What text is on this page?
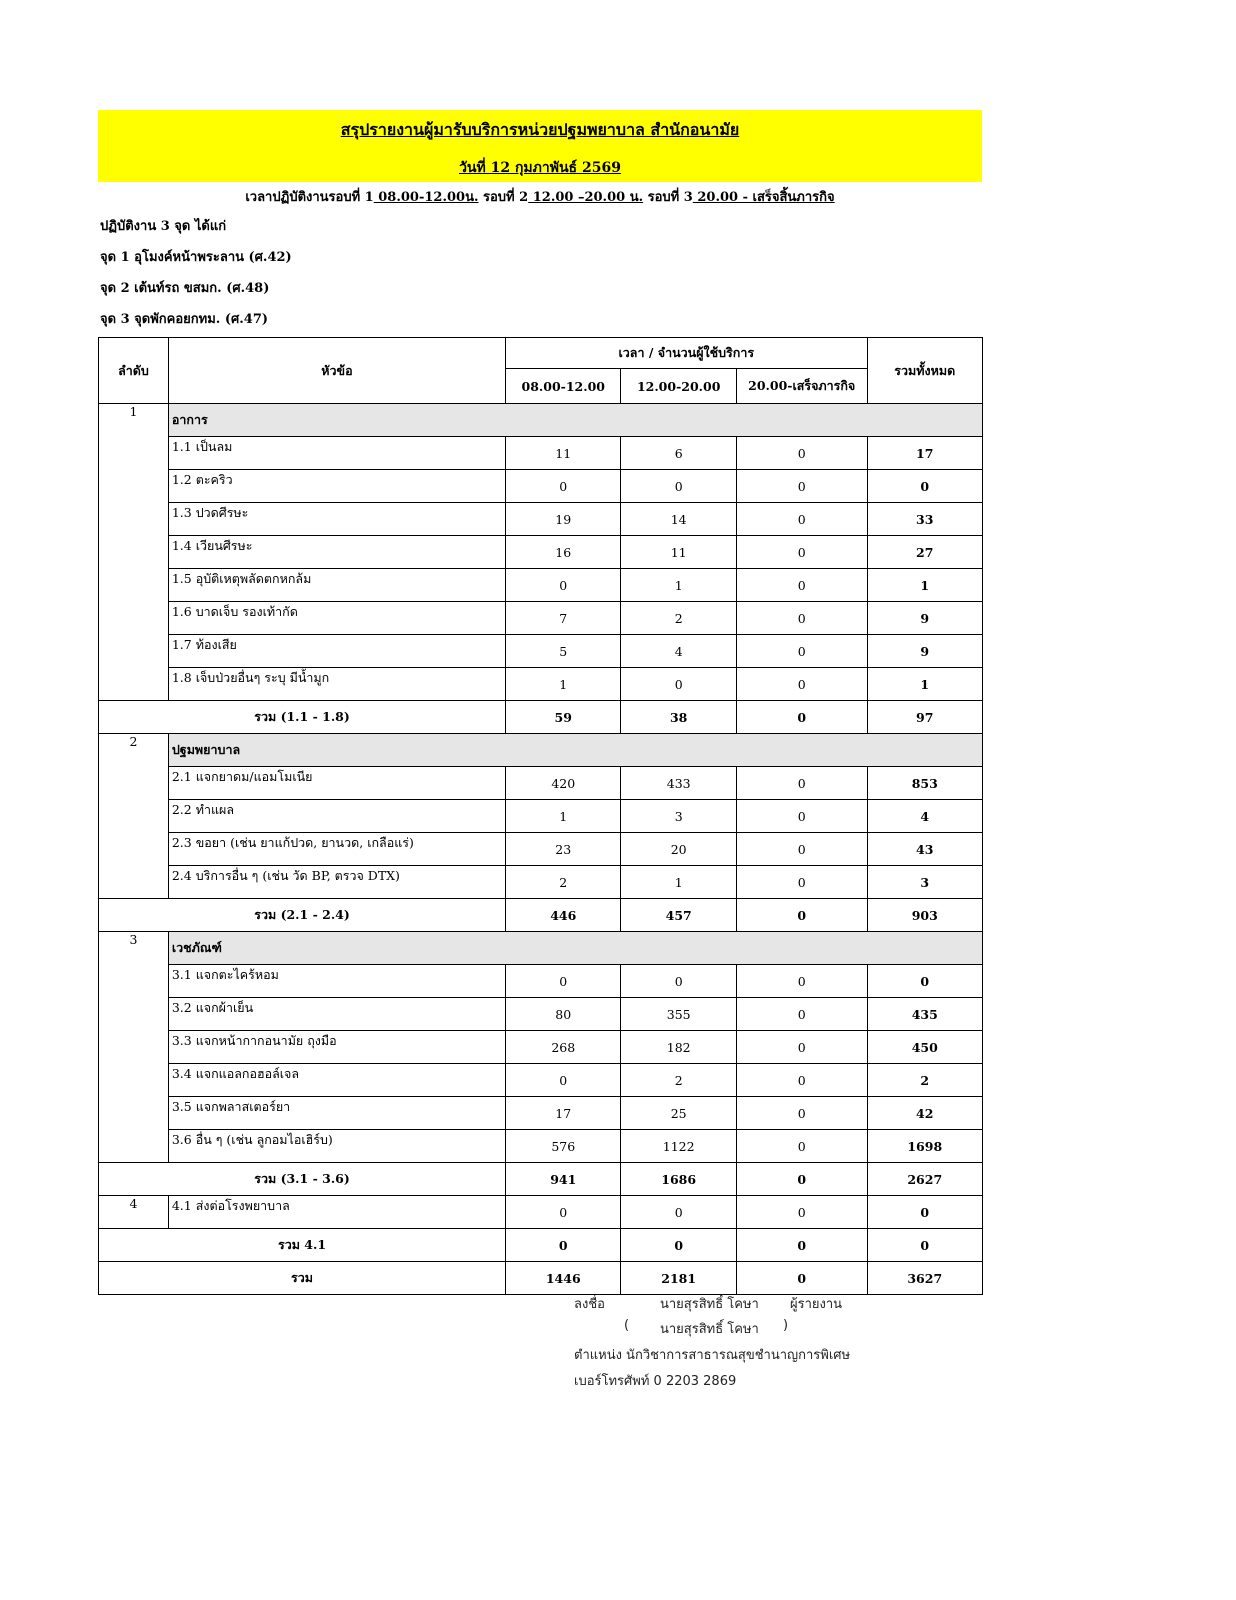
สรุปรายงานผู้มารับบริการหน่วยปฐมพยาบาล สำนักอนามัย
วันที่ 12 กุมภาพันธ์ 2569
เวลาปฏิบัติงานรอบที่ 1 08.00-12.00น. รอบที่ 2 12.00 –20.00 น. รอบที่ 3 20.00 - เสร็จสิ้นภารกิจ
ปฏิบัติงาน 3 จุด ได้แก่
จุด 1 อุโมงค์หน้าพระลาน (ศ.42)
จุด 2 เต้นท์รถ ขสมก. (ศ.48)
จุด 3 จุดพักคอยกทม. (ศ.47)
ลำดับ	หัวข้อ	เวลา / จำนวนผู้ใช้บริการ			รวมทั้งหมด
		08.00-12.00	12.00-20.00	20.00-เสร็จภารกิจ	
1	อาการ				
	1.1 เป็นลม	11	6	0	17
	1.2 ตะคริว	0	0	0	0
	1.3 ปวดศีรษะ	19	14	0	33
	1.4 เวียนศีรษะ	16	11	0	27
	1.5 อุบัติเหตุพลัดตกหกล้ม	0	1	0	1
	1.6 บาดเจ็บ รองเท้ากัด	7	2	0	9
	1.7 ท้องเสีย	5	4	0	9
	1.8 เจ็บป่วยอื่นๆ ระบุ มีน้ำมูก	1	0	0	1
รวม (1.1 - 1.8)		59	38	0	97
2	ปฐมพยาบาล				
	2.1 แจกยาดม/แอมโมเนีย	420	433	0	853
	2.2 ทำแผล	1	3	0	4
	2.3 ขอยา (เช่น ยาแก้ปวด, ยานวด, เกลือแร่)	23	20	0	43
	2.4 บริการอื่น ๆ (เช่น วัด BP, ตรวจ DTX)	2	1	0	3
รวม (2.1 - 2.4)		446	457	0	903
3	เวชภัณฑ์				
	3.1 แจกตะไคร้หอม	0	0	0	0
	3.2 แจกผ้าเย็น	80	355	0	435
	3.3 แจกหน้ากากอนามัย ถุงมือ	268	182	0	450
	3.4 แจกแอลกอฮอล์เจล	0	2	0	2
	3.5 แจกพลาสเตอร์ยา	17	25	0	42
	3.6 อื่น ๆ (เช่น ลูกอมไอเฮิร์บ)	576	1122	0	1698
รวม (3.1 - 3.6)		941	1686	0	2627
4	4.1 ส่งต่อโรงพยาบาล	0	0	0	0
รวม 4.1		0	0	0	0
รวม		1446	2181	0	3627
ลงชื่อ	นายสุรสิทธิ์ โคษา ผู้รายงาน
( นายสุรสิทธิ์ โคษา )
ตำแหน่ง นักวิชาการสาธารณสุขชำนาญการพิเศษ
เบอร์โทรศัพท์ 0 2203 2869
